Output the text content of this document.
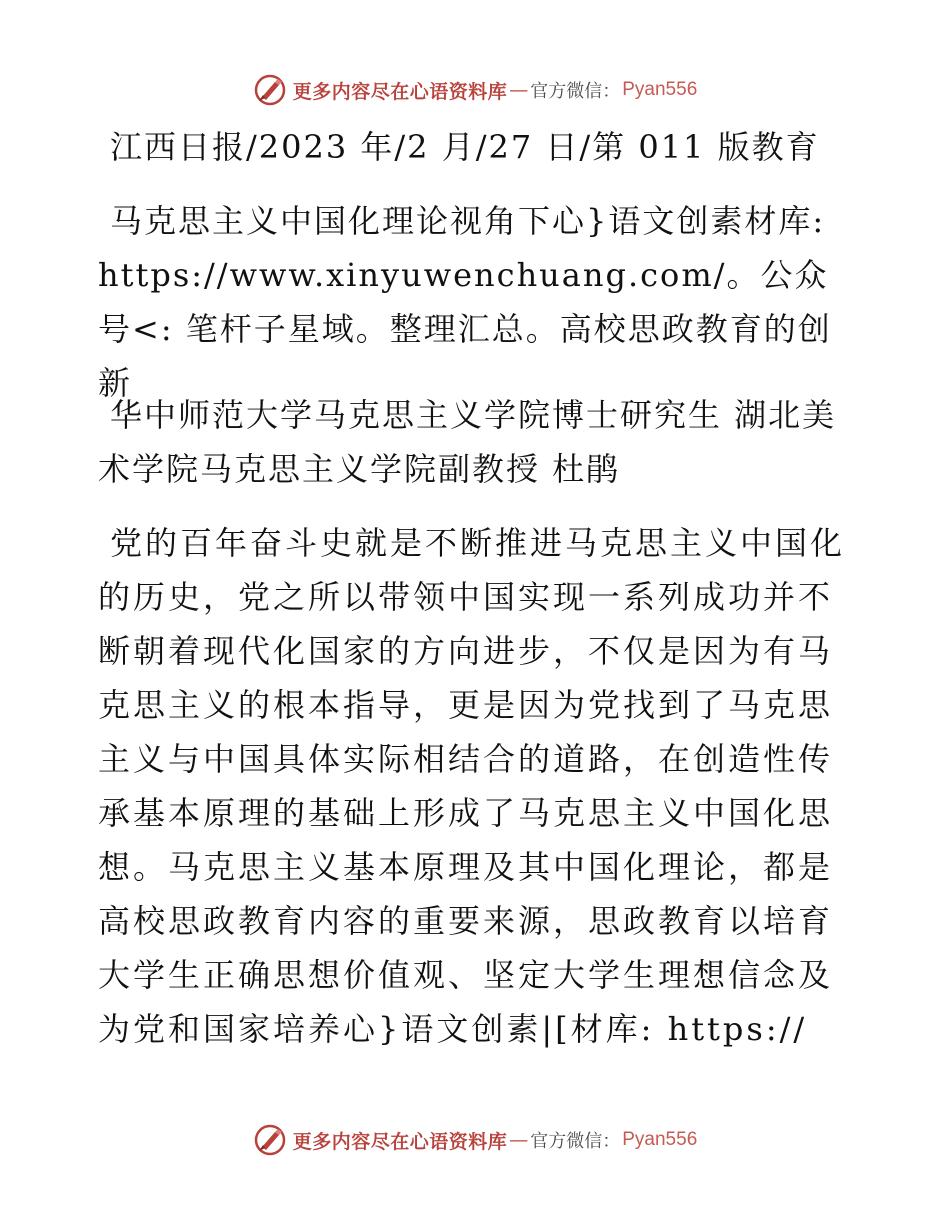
更多内容尽在心语资料库 — 官方微信： Pyan556

江西日报/2023 年/2 月/27 日/第 011 版教育

马克思主义中国化理论视角下心}语文创素材库: https://www.xinyuwenchuang.com/。公众号<: 笔杆子星域。整理汇总。高校思政教育的创新

华中师范大学马克思主义学院博士研究生 湖北美术学院马克思主义学院副教授 杜鹃

党的百年奋斗史就是不断推进马克思主义中国化的历史，党之所以带领中国实现一系列成功并不断朝着现代化国家的方向进步，不仅是因为有马克思主义的根本指导，更是因为党找到了马克思主义与中国具体实际相结合的道路，在创造性传承基本原理的基础上形成了马克思主义中国化思想。马克思主义基本原理及其中国化理论，都是高校思政教育内容的重要来源，思政教育以培育大学生正确思想价值观、坚定大学生理想信念及为党和国家培养心}语文创素|[材库: https://

更多内容尽在心语资料库 — 官方微信： Pyan556
